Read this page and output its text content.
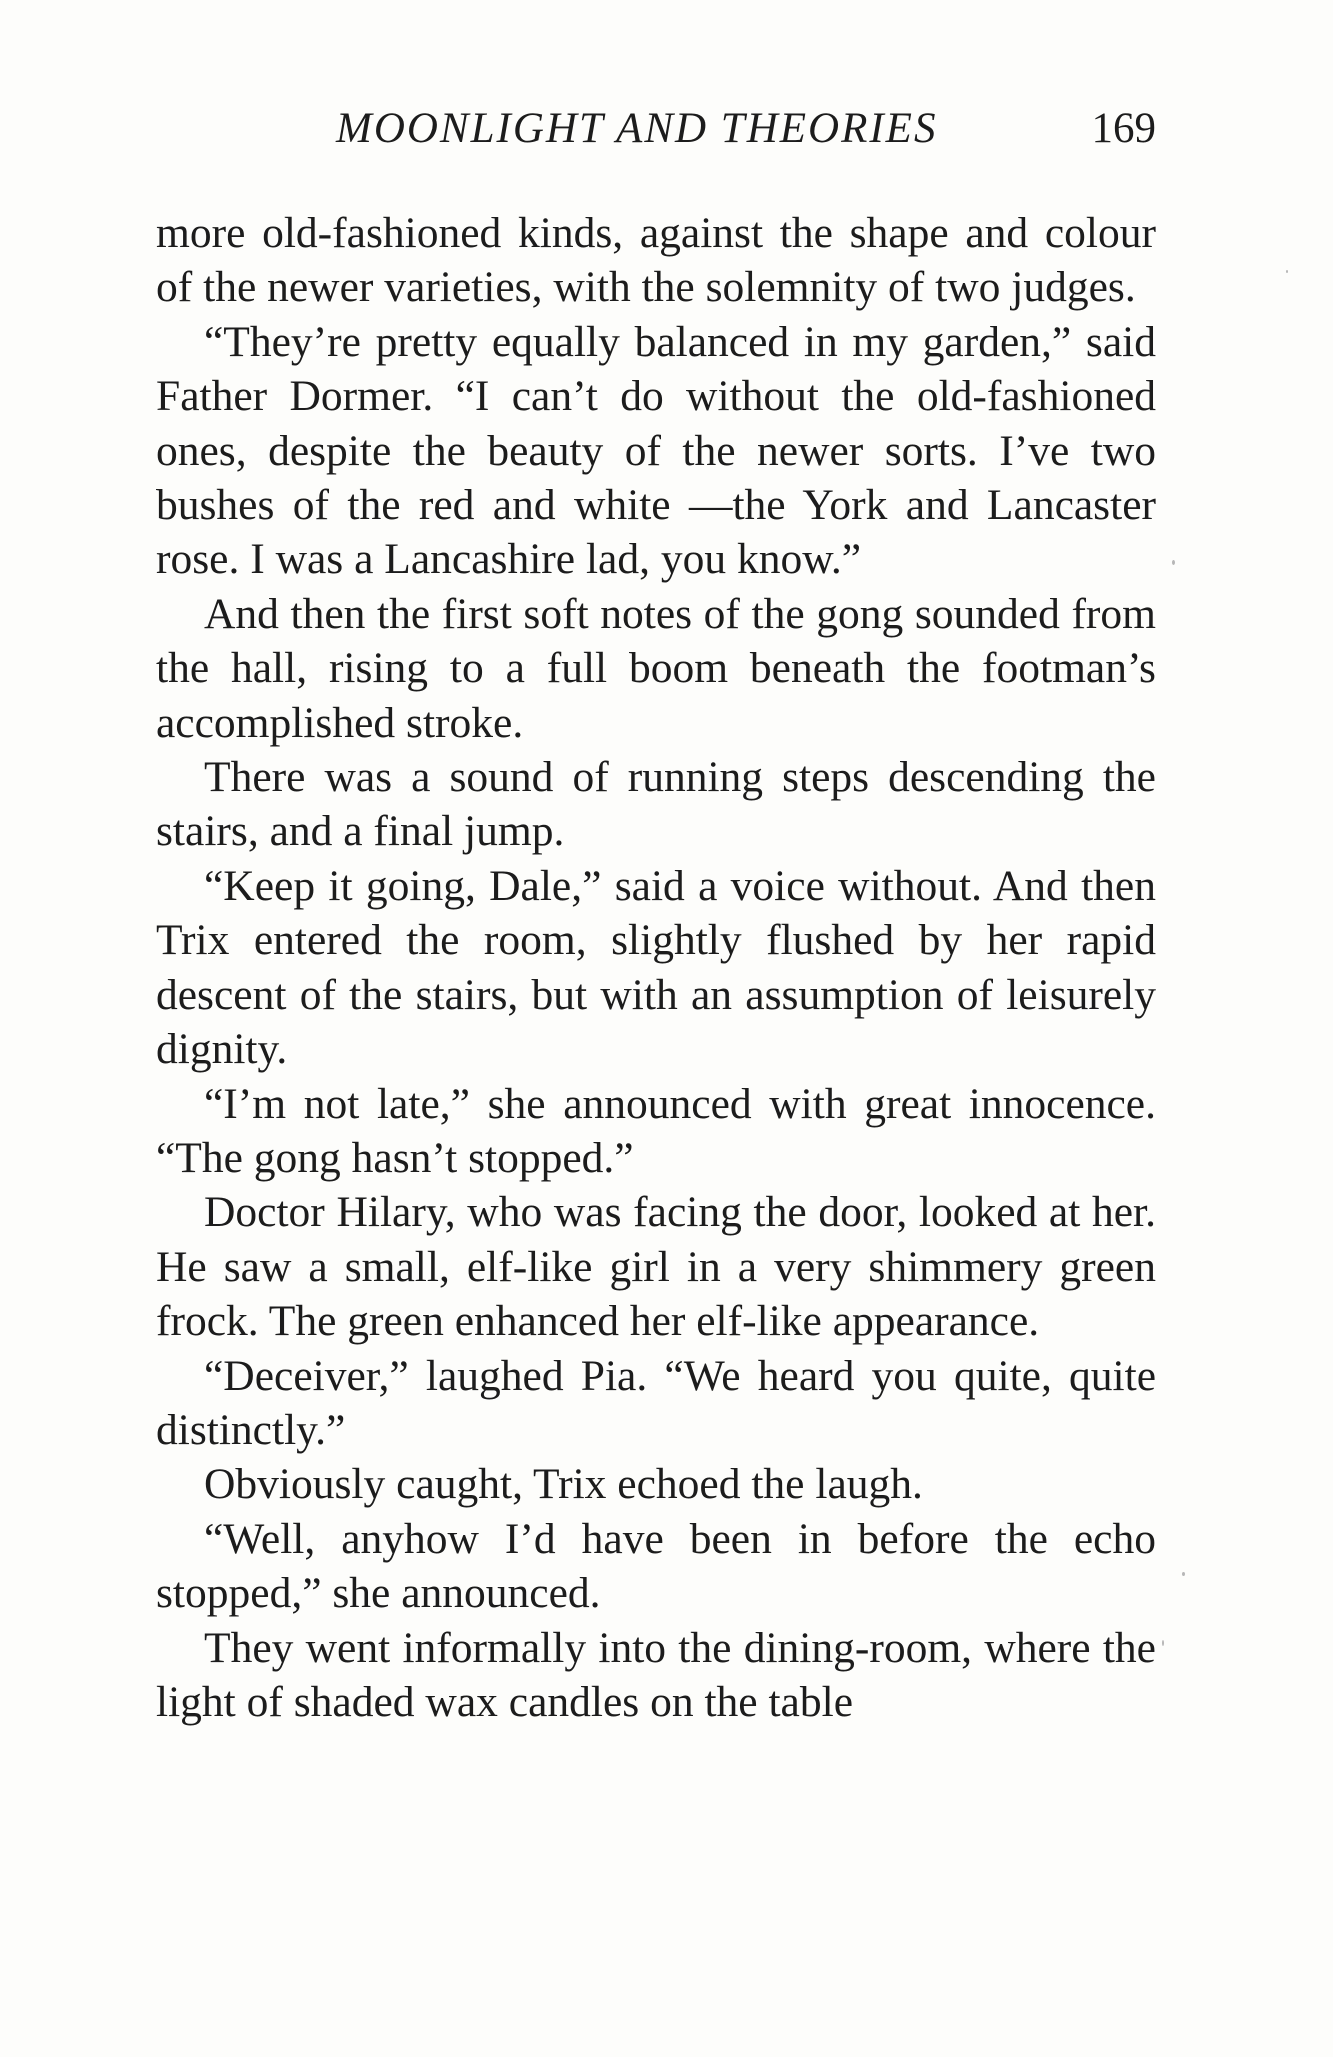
MOONLIGHT AND THEORIES	169

more old-fashioned kinds, against the shape and colour of the newer varieties, with the solemnity of two judges.

“They’re pretty equally balanced in my garden,” said Father Dormer. “I can’t do without the old-fashioned ones, despite the beauty of the newer sorts. I’ve two bushes of the red and white —the York and Lancaster rose. I was a Lancashire lad, you know.”

And then the first soft notes of the gong sounded from the hall, rising to a full boom beneath the footman’s accomplished stroke.

There was a sound of running steps descending the stairs, and a final jump.

“Keep it going, Dale,” said a voice without. And then Trix entered the room, slightly flushed by her rapid descent of the stairs, but with an assumption of leisurely dignity.

“I’m not late,” she announced with great innocence. “The gong hasn’t stopped.”

Doctor Hilary, who was facing the door, looked at her. He saw a small, elf-like girl in a very shimmery green frock. The green enhanced her elf-like appearance.

“Deceiver,” laughed Pia. “We heard you quite, quite distinctly.”

Obviously caught, Trix echoed the laugh.

“Well, anyhow I’d have been in before the echo stopped,” she announced.

They went informally into the dining-room, where the light of shaded wax candles on the table
